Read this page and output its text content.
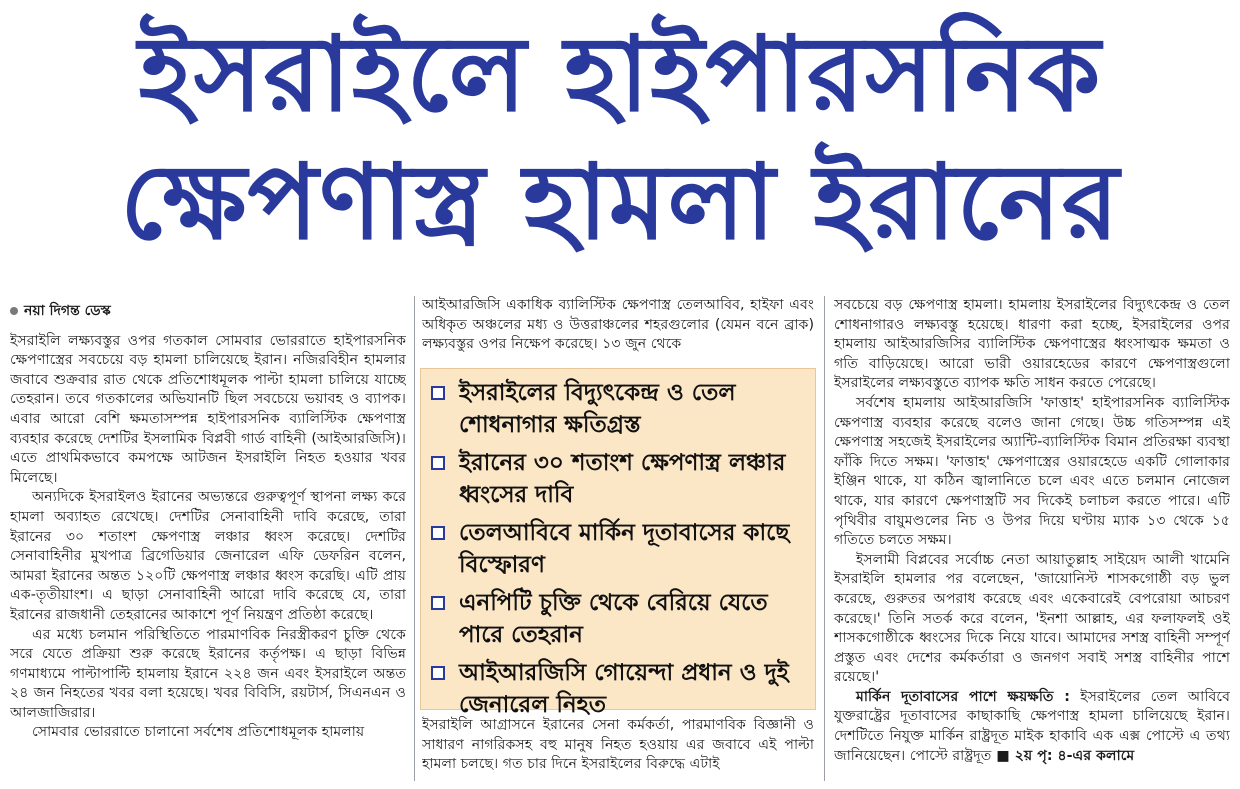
ইসরাইলে হাইপারসনিক
ক্ষেপণাস্ত্র হামলা ইরানের
নয়া দিগন্ত ডেস্ক

ইসরাইলি লক্ষ্যবস্তুর ওপর গতকাল সোমবার ভোররাতে হাইপারসনিক ক্ষেপণাস্ত্রের সবচেয়ে বড় হামলা চালিয়েছে ইরান। নজিরবিহীন হামলার জবাবে শুক্রবার রাত থেকে প্রতিশোধমূলক পাল্টা হামলা চালিয়ে যাচ্ছে তেহরান। তবে গতকালের অভিযানটি ছিল সবচেয়ে ভয়াবহ ও ব্যাপক। এবার আরো বেশি ক্ষমতাসম্পন্ন হাইপারসনিক ব্যালিস্টিক ক্ষেপণাস্ত্র ব্যবহার করেছে দেশটির ইসলামিক বিপ্লবী গার্ড বাহিনী (আইআরজিসি)। এতে প্রাথমিকভাবে কমপক্ষে আটজন ইসরাইলি নিহত হওয়ার খবর মিলেছে।

অন্যদিকে ইসরাইলও ইরানের অভ্যন্তরে গুরুত্বপূর্ণ স্থাপনা লক্ষ্য করে হামলা অব্যাহত রেখেছে। দেশটির সেনাবাহিনী দাবি করেছে, তারা ইরানের ৩০ শতাংশ ক্ষেপণাস্ত্র লঞ্চার ধ্বংস করেছে। দেশটির সেনাবাহিনীর মুখপাত্র ব্রিগেডিয়ার জেনারেল এফি ডেফরিন বলেন, আমরা ইরানের অন্তত ১২০টি ক্ষেপণাস্ত্র লঞ্চার ধ্বংস করেছি। এটি প্রায় এক-তৃতীয়াংশ। এ ছাড়া সেনাবাহিনী আরো দাবি করেছে যে, তারা ইরানের রাজধানী তেহরানের আকাশে পূর্ণ নিয়ন্ত্রণ প্রতিষ্ঠা করেছে।

এর মধ্যে চলমান পরিস্থিতিতে পারমাণবিক নিরস্ত্রীকরণ চুক্তি থেকে সরে যেতে প্রক্রিয়া শুরু করেছে ইরানের কর্তৃপক্ষ। এ ছাড়া বিভিন্ন গণমাধ্যমে পাল্টাপাল্টি হামলায় ইরানে ২২৪ জন এবং ইসরাইলে অন্তত ২৪ জন নিহতের খবর বলা হয়েছে। খবর বিবিসি, রয়টার্স, সিএনএন ও আলজাজিরার।

সোমবার ভোররাতে চালানো সর্বশেষ প্রতিশোধমূলক হামলায়

আইআরজিসি একাধিক ব্যালিস্টিক ক্ষেপণাস্ত্র তেলআবিব, হাইফা এবং অধিকৃত অঞ্চলের মধ্য ও উত্তরাঞ্চলের শহরগুলোর (যেমন বনে ব্রাক) লক্ষ্যবস্তুর ওপর নিক্ষেপ করেছে। ১৩ জুন থেকে

ইসরাইলি আগ্রাসনে ইরানের সেনা কর্মকর্তা, পারমাণবিক বিজ্ঞানী ও সাধারণ নাগরিকসহ বহু মানুষ নিহত হওয়ায় এর জবাবে এই পাল্টা হামলা চলছে। গত চার দিনে ইসরাইলের বিরুদ্ধে এটাই

ইসরাইলের বিদ্যুৎকেন্দ্র ও তেল শোধনাগার ক্ষতিগ্রস্ত
ইরানের ৩০ শতাংশ ক্ষেপণাস্ত্র লঞ্চার ধ্বংসের দাবি
তেলআবিবে মার্কিন দূতাবাসের কাছে বিস্ফোরণ
এনপিটি চুক্তি থেকে বেরিয়ে যেতে পারে তেহরান
আইআরজিসি গোয়েন্দা প্রধান ও দুই জেনারেল নিহত

সবচেয়ে বড় ক্ষেপণাস্ত্র হামলা। হামলায় ইসরাইলের বিদ্যুৎকেন্দ্র ও তেল শোধনাগারও লক্ষ্যবস্তু হয়েছে। ধারণা করা হচ্ছে, ইসরাইলের ওপর হামলায় আইআরজিসির ব্যালিস্টিক ক্ষেপণাস্ত্রের ধ্বংসাত্মক ক্ষমতা ও গতি বাড়িয়েছে। আরো ভারী ওয়ারহেডের কারণে ক্ষেপণাস্ত্রগুলো ইসরাইলের লক্ষ্যবস্তুতে ব্যাপক ক্ষতি সাধন করতে পেরেছে।

সর্বশেষ হামলায় আইআরজিসি 'ফাত্তাহ' হাইপারসনিক ব্যালিস্টিক ক্ষেপণাস্ত্র ব্যবহার করেছে বলেও জানা গেছে। উচ্চ গতিসম্পন্ন এই ক্ষেপণাস্ত্র সহজেই ইসরাইলের অ্যান্টি-ব্যালিস্টিক বিমান প্রতিরক্ষা ব্যবস্থা ফাঁকি দিতে সক্ষম। 'ফাত্তাহ' ক্ষেপণাস্ত্রের ওয়ারহেডে একটি গোলাকার ইঞ্জিন থাকে, যা কঠিন জ্বালানিতে চলে এবং এতে চলমান নোজেল থাকে, যার কারণে ক্ষেপণাস্ত্রটি সব দিকেই চলাচল করতে পারে। এটি পৃথিবীর বায়ুমণ্ডলের নিচ ও উপর দিয়ে ঘণ্টায় ম্যাক ১৩ থেকে ১৫ গতিতে চলতে সক্ষম।

ইসলামী বিপ্লবের সর্বোচ্চ নেতা আয়াতুল্লাহ সাইয়েদ আলী খামেনি ইসরাইলি হামলার পর বলেছেন, 'জায়োনিস্ট শাসকগোষ্ঠী বড় ভুল করেছে, গুরুতর অপরাধ করেছে এবং একেবারেই বেপরোয়া আচরণ করেছে।' তিনি সতর্ক করে বলেন, 'ইনশা আল্লাহ, এর ফলাফলই ওই শাসকগোষ্ঠীকে ধ্বংসের দিকে নিয়ে যাবে। আমাদের সশস্ত্র বাহিনী সম্পূর্ণ প্রস্তুত এবং দেশের কর্মকর্তারা ও জনগণ সবাই সশস্ত্র বাহিনীর পাশে রয়েছে।'

মার্কিন দূতাবাসের পাশে ক্ষয়ক্ষতি : ইসরাইলের তেল আবিবে যুক্তরাষ্ট্রের দূতাবাসের কাছাকাছি ক্ষেপণাস্ত্র হামলা চালিয়েছে ইরান। দেশটিতে নিযুক্ত মার্কিন রাষ্ট্রদূত মাইক হাকাবি এক এক্স পোস্টে এ তথ্য জানিয়েছেন। পোস্টে রাষ্ট্রদূত ■ ২য় পৃ: ৪-এর কলামে
